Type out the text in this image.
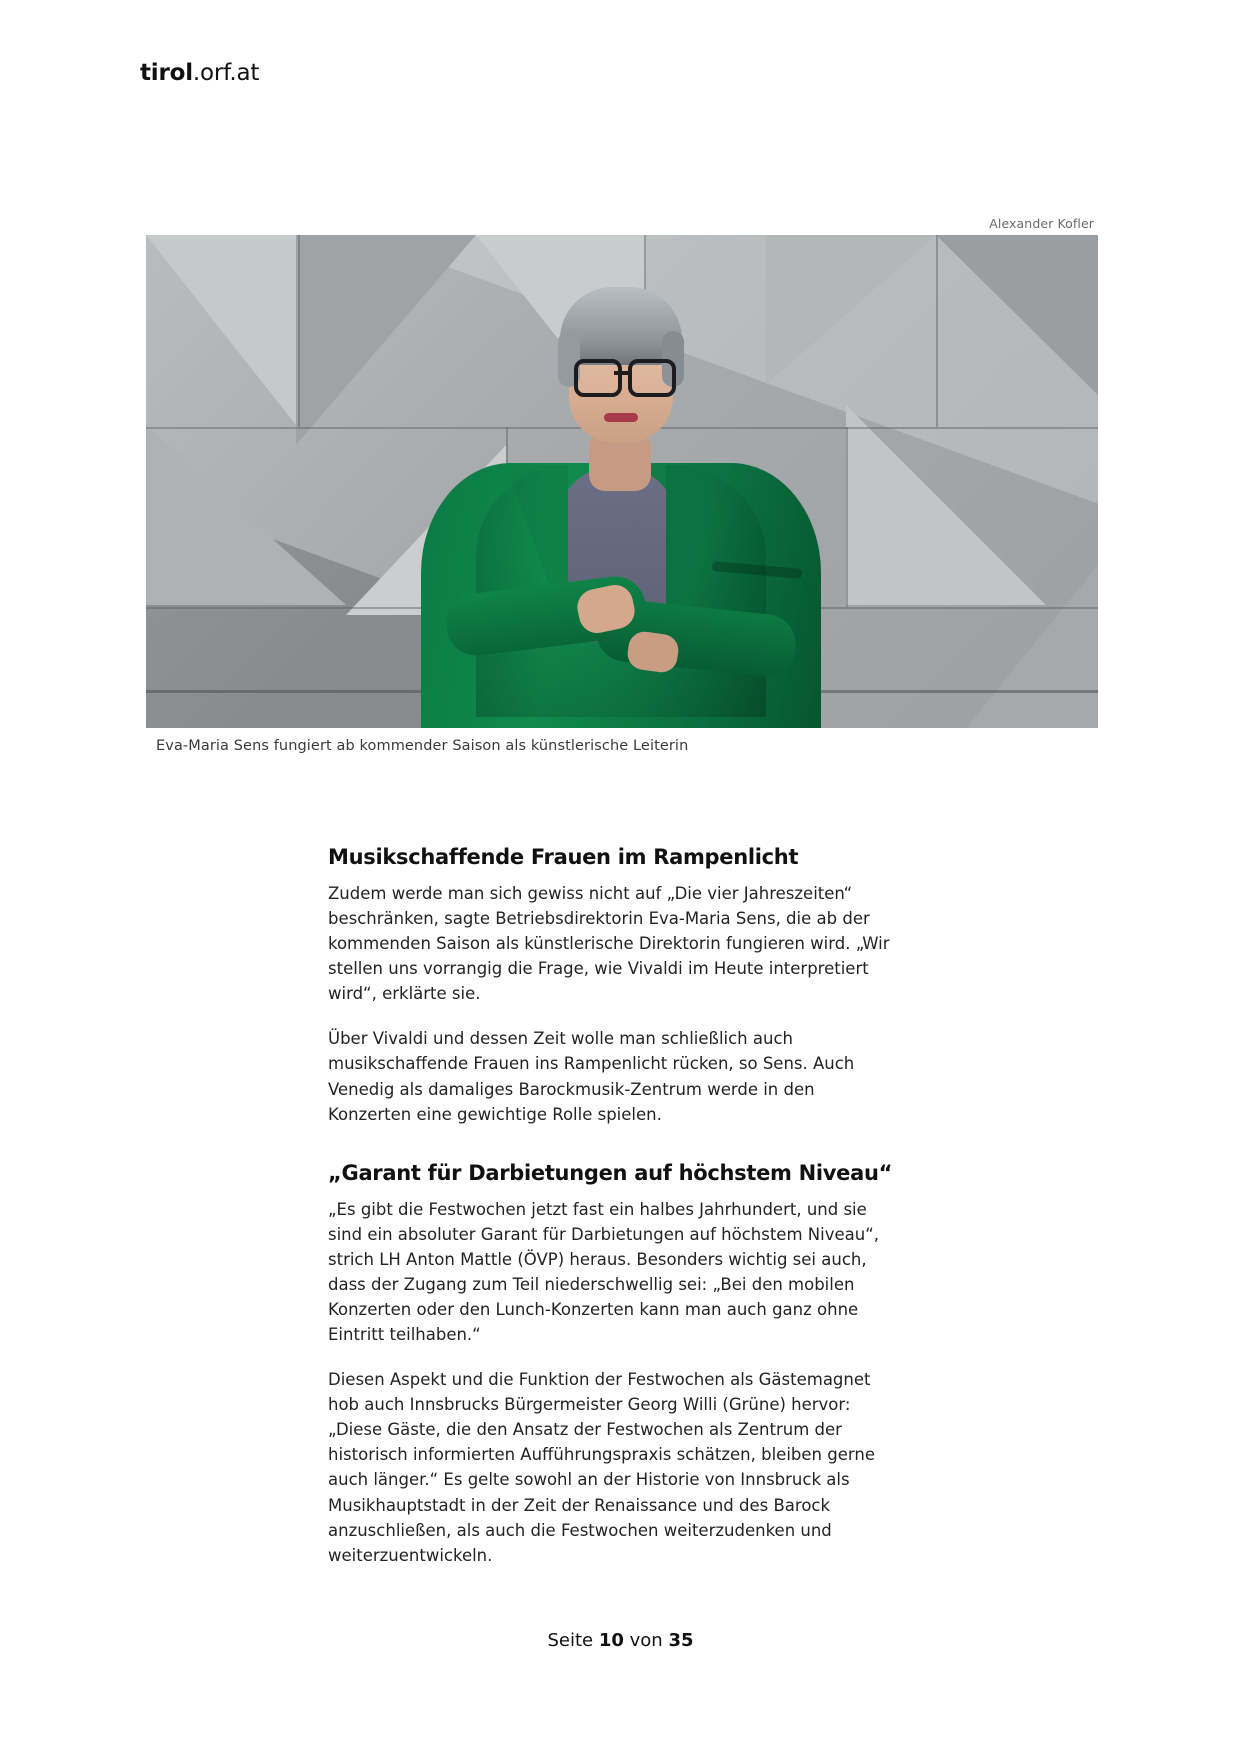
tirol.orf.at
Alexander Kofler
Eva-Maria Sens fungiert ab kommender Saison als künstlerische Leiterin
Musikschaffende Frauen im Rampenlicht

Zudem werde man sich gewiss nicht auf „Die vier Jahreszeiten“ beschränken, sagte Betriebsdirektorin Eva-Maria Sens, die ab der kommenden Saison als künstlerische Direktorin fungieren wird. „Wir stellen uns vorrangig die Frage, wie Vivaldi im Heute interpretiert wird“, erklärte sie.

Über Vivaldi und dessen Zeit wolle man schließlich auch musikschaffende Frauen ins Rampenlicht rücken, so Sens. Auch Venedig als damaliges Barockmusik-Zentrum werde in den Konzerten eine gewichtige Rolle spielen.

„Garant für Darbietungen auf höchstem Niveau“

„Es gibt die Festwochen jetzt fast ein halbes Jahrhundert, und sie sind ein absoluter Garant für Darbietungen auf höchstem Niveau“, strich LH Anton Mattle (ÖVP) heraus. Besonders wichtig sei auch, dass der Zugang zum Teil niederschwellig sei: „Bei den mobilen Konzerten oder den Lunch-Konzerten kann man auch ganz ohne Eintritt teilhaben.“

Diesen Aspekt und die Funktion der Festwochen als Gästemagnet hob auch Innsbrucks Bürgermeister Georg Willi (Grüne) hervor: „Diese Gäste, die den Ansatz der Festwochen als Zentrum der historisch informierten Aufführungspraxis schätzen, bleiben gerne auch länger.“ Es gelte sowohl an der Historie von Innsbruck als Musikhauptstadt in der Zeit der Renaissance und des Barock anzuschließen, als auch die Festwochen weiterzudenken und weiterzuentwickeln.

Seite 10 von 35
